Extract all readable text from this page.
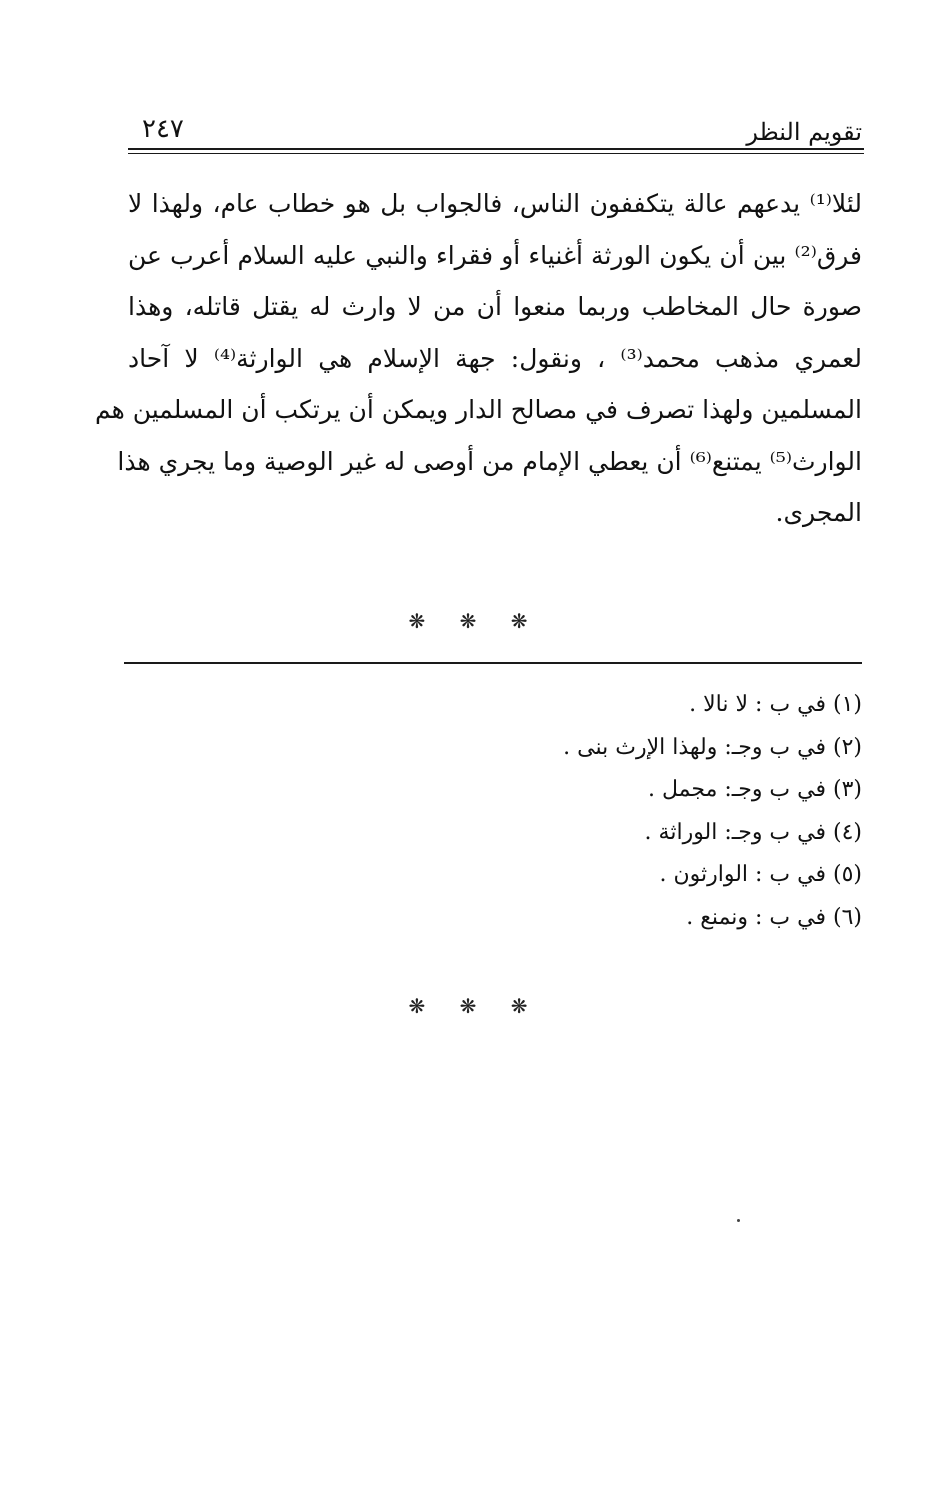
٢٤٧	تقويم النظر
لئلا⁽¹⁾ يدعهم عالة يتكففون الناس، فالجواب بل هو خطاب عام، ولهذا لا
فرق⁽²⁾ بين أن يكون الورثة أغنياء أو فقراء والنبي عليه السلام أعرب عن
صورة حال المخاطب وربما منعوا أن من لا وارث له يقتل قاتله، وهذا
لعمري مذهب محمد⁽³⁾ ، ونقول: جهة الإسلام هي الوارثة⁽⁴⁾ لا آحاد
المسلمين ولهذا تصرف في مصالح الدار ويمكن أن يرتكب أن المسلمين هم
الوارث⁽⁵⁾ يمتنع⁽⁶⁾ أن يعطي الإمام من أوصى له غير الوصية وما يجري هذا
المجرى.
❋ ❋ ❋
(١) في ب : لا نالا .
(٢) في ب وجـ: ولهذا الإرث بنى .
(٣) في ب وجـ: مجمل .
(٤) في ب وجـ: الوراثة .
(٥) في ب : الوارثون .
(٦) في ب : ونمنع .
❋ ❋ ❋
